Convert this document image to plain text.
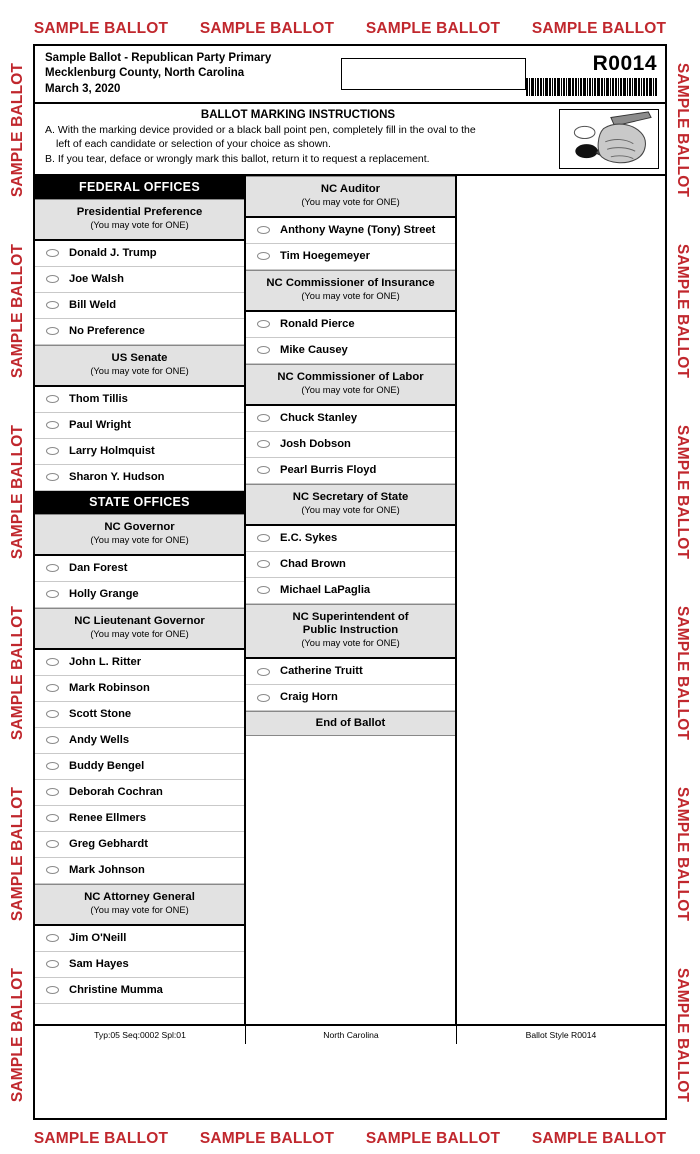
SAMPLE BALLOT SAMPLE BALLOT SAMPLE BALLOT SAMPLE BALLOT
SAMPLE BALLOT
SAMPLE BALLOT
SAMPLE BALLOT
SAMPLE BALLOT
SAMPLE BALLOT
SAMPLE BALLOT
SAMPLE BALLOT
SAMPLE BALLOT
SAMPLE BALLOT
SAMPLE BALLOT
SAMPLE BALLOT
SAMPLE BALLOT
Sample Ballot - Republican Party Primary
Mecklenburg County, North Carolina
March 3, 2020
R0014
BALLOT MARKING INSTRUCTIONS
A. With the marking device provided or a black ball point pen, completely fill in the oval to the
left of each candidate or selection of your choice as shown.
B. If you tear, deface or wrongly mark this ballot, return it to request a replacement.
FEDERAL OFFICES
Presidential Preference
(You may vote for ONE)
Donald J. Trump
Joe Walsh
Bill Weld
No Preference
US Senate
(You may vote for ONE)
Thom Tillis
Paul Wright
Larry Holmquist
Sharon Y. Hudson
STATE OFFICES
NC Governor
(You may vote for ONE)
Dan Forest
Holly Grange
NC Lieutenant Governor
(You may vote for ONE)
John L. Ritter
Mark Robinson
Scott Stone
Andy Wells
Buddy Bengel
Deborah Cochran
Renee Ellmers
Greg Gebhardt
Mark Johnson
NC Attorney General
(You may vote for ONE)
Jim O'Neill
Sam Hayes
Christine Mumma
NC Auditor
(You may vote for ONE)
Anthony Wayne (Tony) Street
Tim Hoegemeyer
NC Commissioner of Insurance
(You may vote for ONE)
Ronald Pierce
Mike Causey
NC Commissioner of Labor
(You may vote for ONE)
Chuck Stanley
Josh Dobson
Pearl Burris Floyd
NC Secretary of State
(You may vote for ONE)
E.C. Sykes
Chad Brown
Michael LaPaglia
NC Superintendent of
Public Instruction
(You may vote for ONE)
Catherine Truitt
Craig Horn
End of Ballot
Typ:05 Seq:0002 Spl:01	North Carolina	Ballot Style R0014
SAMPLE BALLOT SAMPLE BALLOT SAMPLE BALLOT SAMPLE BALLOT
